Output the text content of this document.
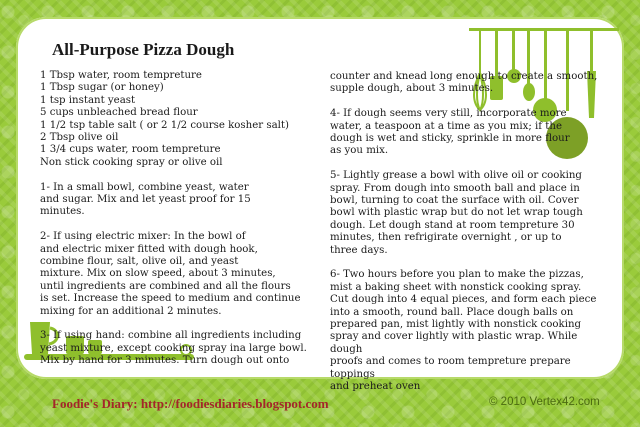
All-Purpose Pizza Dough

1 Tbsp water, room tempreture

1 Tbsp sugar (or honey)

1 tsp instant yeast

5 cups unbleached bread flour

1 1/2 tsp table salt ( or 2 1/2 course kosher salt)

2 Tbsp olive oil

1 3/4 cups water, room tempreture

Non stick cooking spray or olive oil

1- In a small bowl, combine yeast, water
and sugar. Mix and let yeast proof for 15
minutes.

2- If using electric mixer: In the bowl of
and electric mixer fitted with dough hook,
combine flour, salt, olive oil, and yeast
mixture. Mix on slow speed, about 3 minutes,
until ingredients are combined and all the flours
is set. Increase the speed to medium and continue
mixing for an additional 2 minutes.

3- If using hand: combine all ingredients including
yeast mixture, except cooking spray ina large bowl.
Mix by hand for 3 minutes. Turn dough out onto

counter and knead long enough to create a smooth,
supple dough, about 3 minutes.

4- If dough seems very still, incorporate more
water, a teaspoon at a time as you mix; if the
dough is wet and sticky, sprinkle in more flour
as you mix.

5- Lightly grease a bowl with olive oil or cooking
spray. From dough into smooth ball and place in
bowl, turning to coat the surface with oil. Cover
bowl with plastic wrap but do not let wrap tough
dough. Let dough stand at room tempreture 30
minutes, then refrigirate overnight , or up to
three days.

6- Two hours before you plan to make the pizzas,
mist a baking sheet with nonstick cooking spray.
Cut dough into 4 equal pieces, and form each piece
into a smooth, round ball. Place dough balls on
prepared pan, mist lightly with nonstick cooking
spray and cover lightly with plastic wrap. While dough
proofs and comes to room tempreture prepare toppings
and preheat oven

Foodie's Diary: http://foodiesdiaries.blogspot.com	© 2010 Vertex42.com
